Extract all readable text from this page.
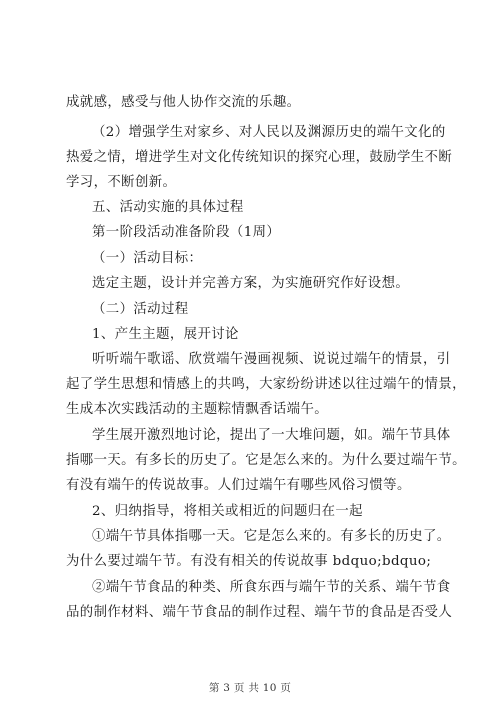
成就感，感受与他人协作交流的乐趣。
（2）增强学生对家乡、对人民以及渊源历史的端午文化的
热爱之情，增进学生对文化传统知识的探究心理，鼓励学生不断
学习，不断创新。
五、活动实施的具体过程
第一阶段活动准备阶段（1周）
（一）活动目标：
选定主题，设计并完善方案，为实施研究作好设想。
（二）活动过程
1、产生主题，展开讨论
听听端午歌谣、欣赏端午漫画视频、说说过端午的情景，引
起了学生思想和情感上的共鸣，大家纷纷讲述以往过端午的情景，
生成本次实践活动的主题粽情飘香话端午。
学生展开激烈地讨论，提出了一大堆问题，如。端午节具体
指哪一天。有多长的历史了。它是怎么来的。为什么要过端午节。
有没有端午的传说故事。人们过端午有哪些风俗习惯等。
2、归纳指导，将相关或相近的问题归在一起
①端午节具体指哪一天。它是怎么来的。有多长的历史了。
为什么要过端午节。有没有相关的传说故事 bdquo;bdquo;
②端午节食品的种类、所食东西与端午节的关系、端午节食
品的制作材料、端午节食品的制作过程、端午节的食品是否受人
第 3 页 共 10 页
